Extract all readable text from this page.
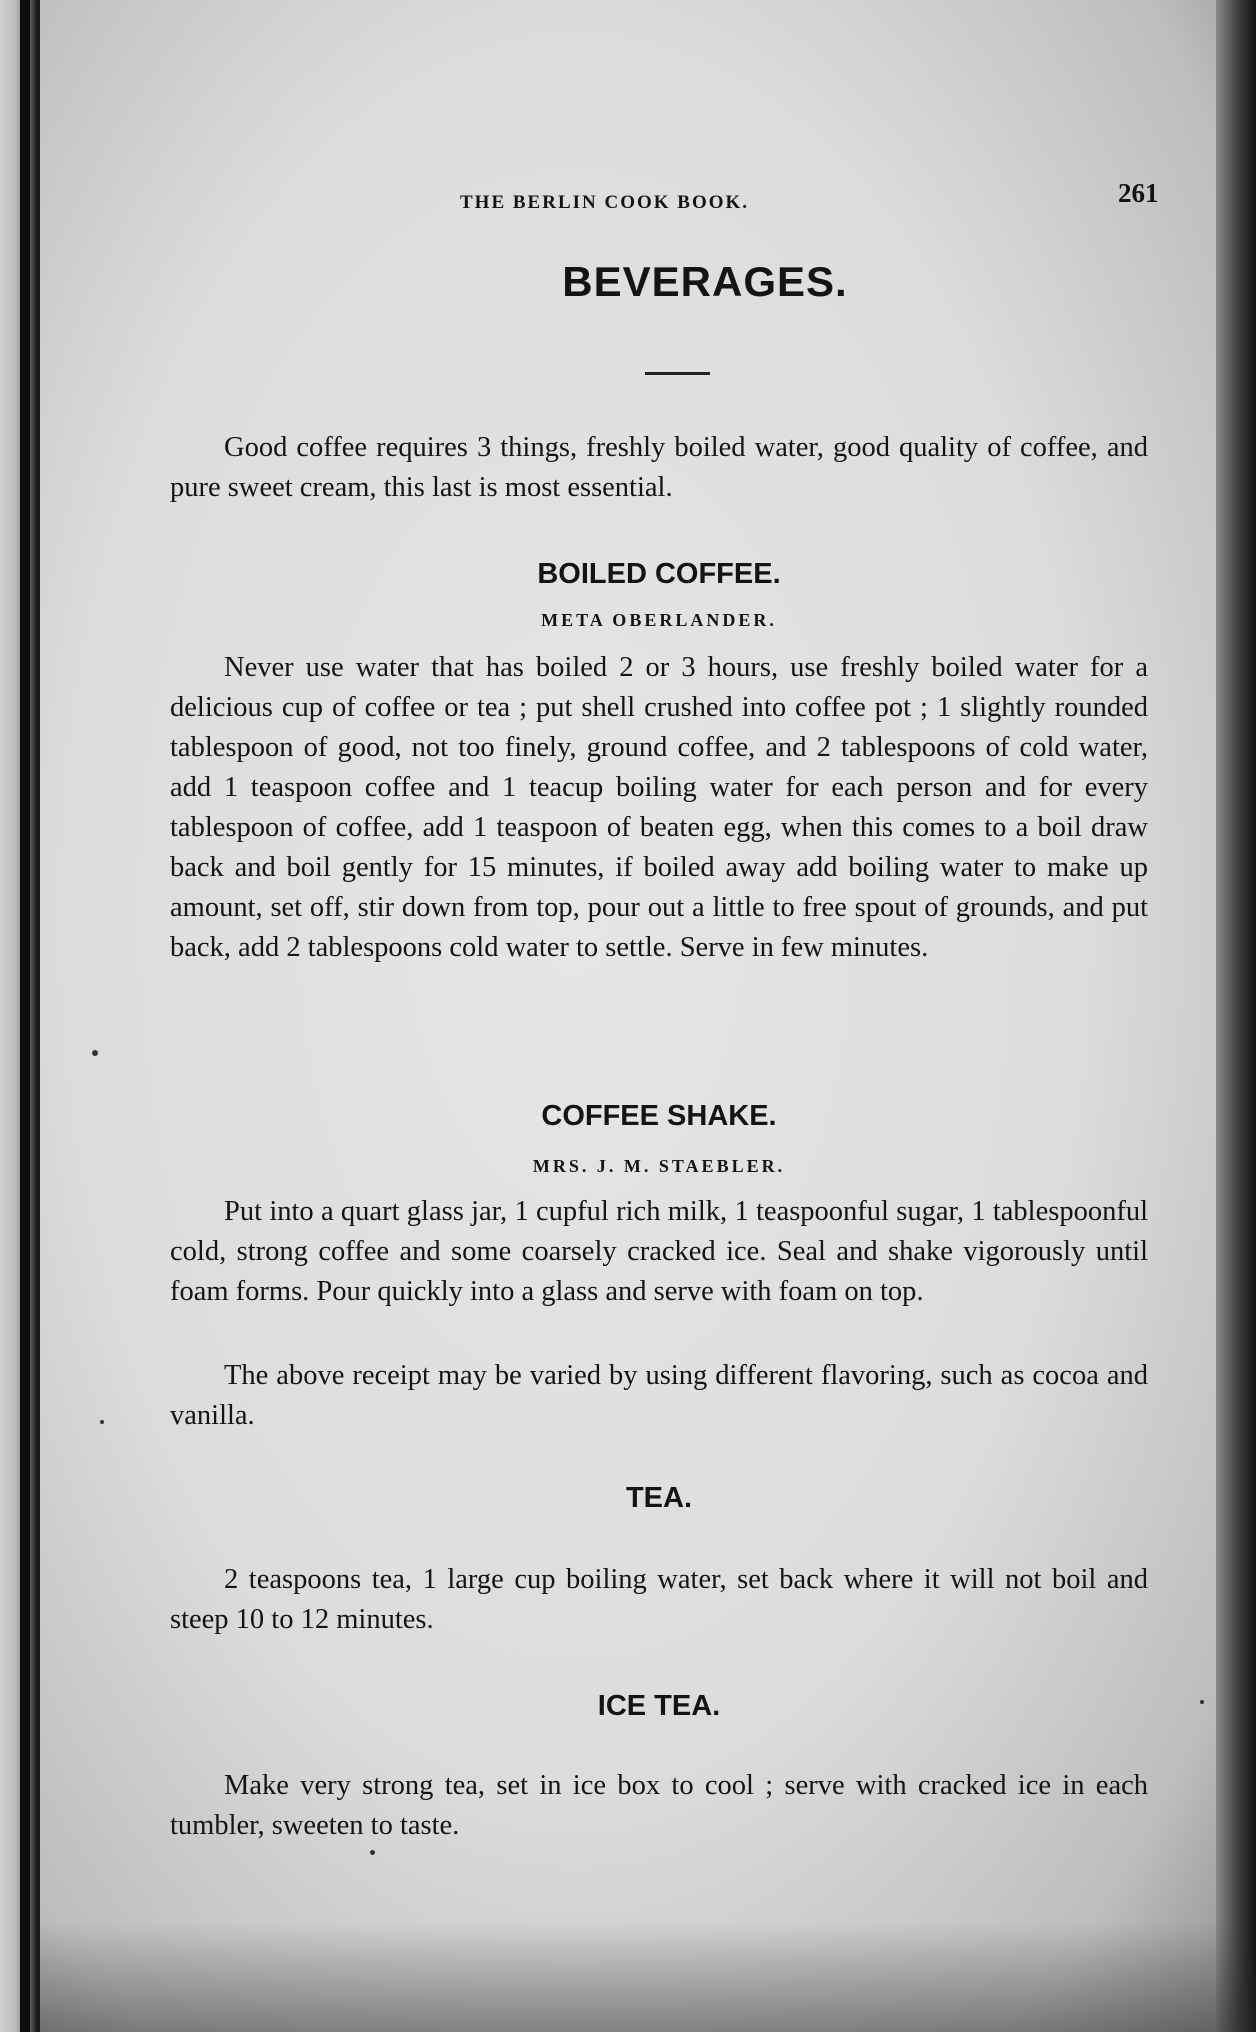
THE BERLIN COOK BOOK.	261
BEVERAGES.

Good coffee requires 3 things, freshly boiled water, good quality of coffee, and pure sweet cream, this last is most essential.

BOILED COFFEE.
META OBERLANDER.

Never use water that has boiled 2 or 3 hours, use freshly boiled water for a delicious cup of coffee or tea ; put shell crushed into coffee pot ; 1 slightly rounded tablespoon of good, not too finely, ground coffee, and 2 tablespoons of cold water, add 1 teaspoon coffee and 1 teacup boiling water for each person and for every tablespoon of coffee, add 1 teaspoon of beaten egg, when this comes to a boil draw back and boil gently for 15 minutes, if boiled away add boiling water to make up amount, set off, stir down from top, pour out a little to free spout of grounds, and put back, add 2 tablespoons cold water to settle. Serve in few minutes.

COFFEE SHAKE.
MRS. J. M. STAEBLER.

Put into a quart glass jar, 1 cupful rich milk, 1 teaspoonful sugar, 1 tablespoonful cold, strong coffee and some coarsely cracked ice. Seal and shake vigorously until foam forms. Pour quickly into a glass and serve with foam on top.

The above receipt may be varied by using different flavoring, such as cocoa and vanilla.

TEA.

2 teaspoons tea, 1 large cup boiling water, set back where it will not boil and steep 10 to 12 minutes.

ICE TEA.

Make very strong tea, set in ice box to cool ; serve with cracked ice in each tumbler, sweeten to taste.
